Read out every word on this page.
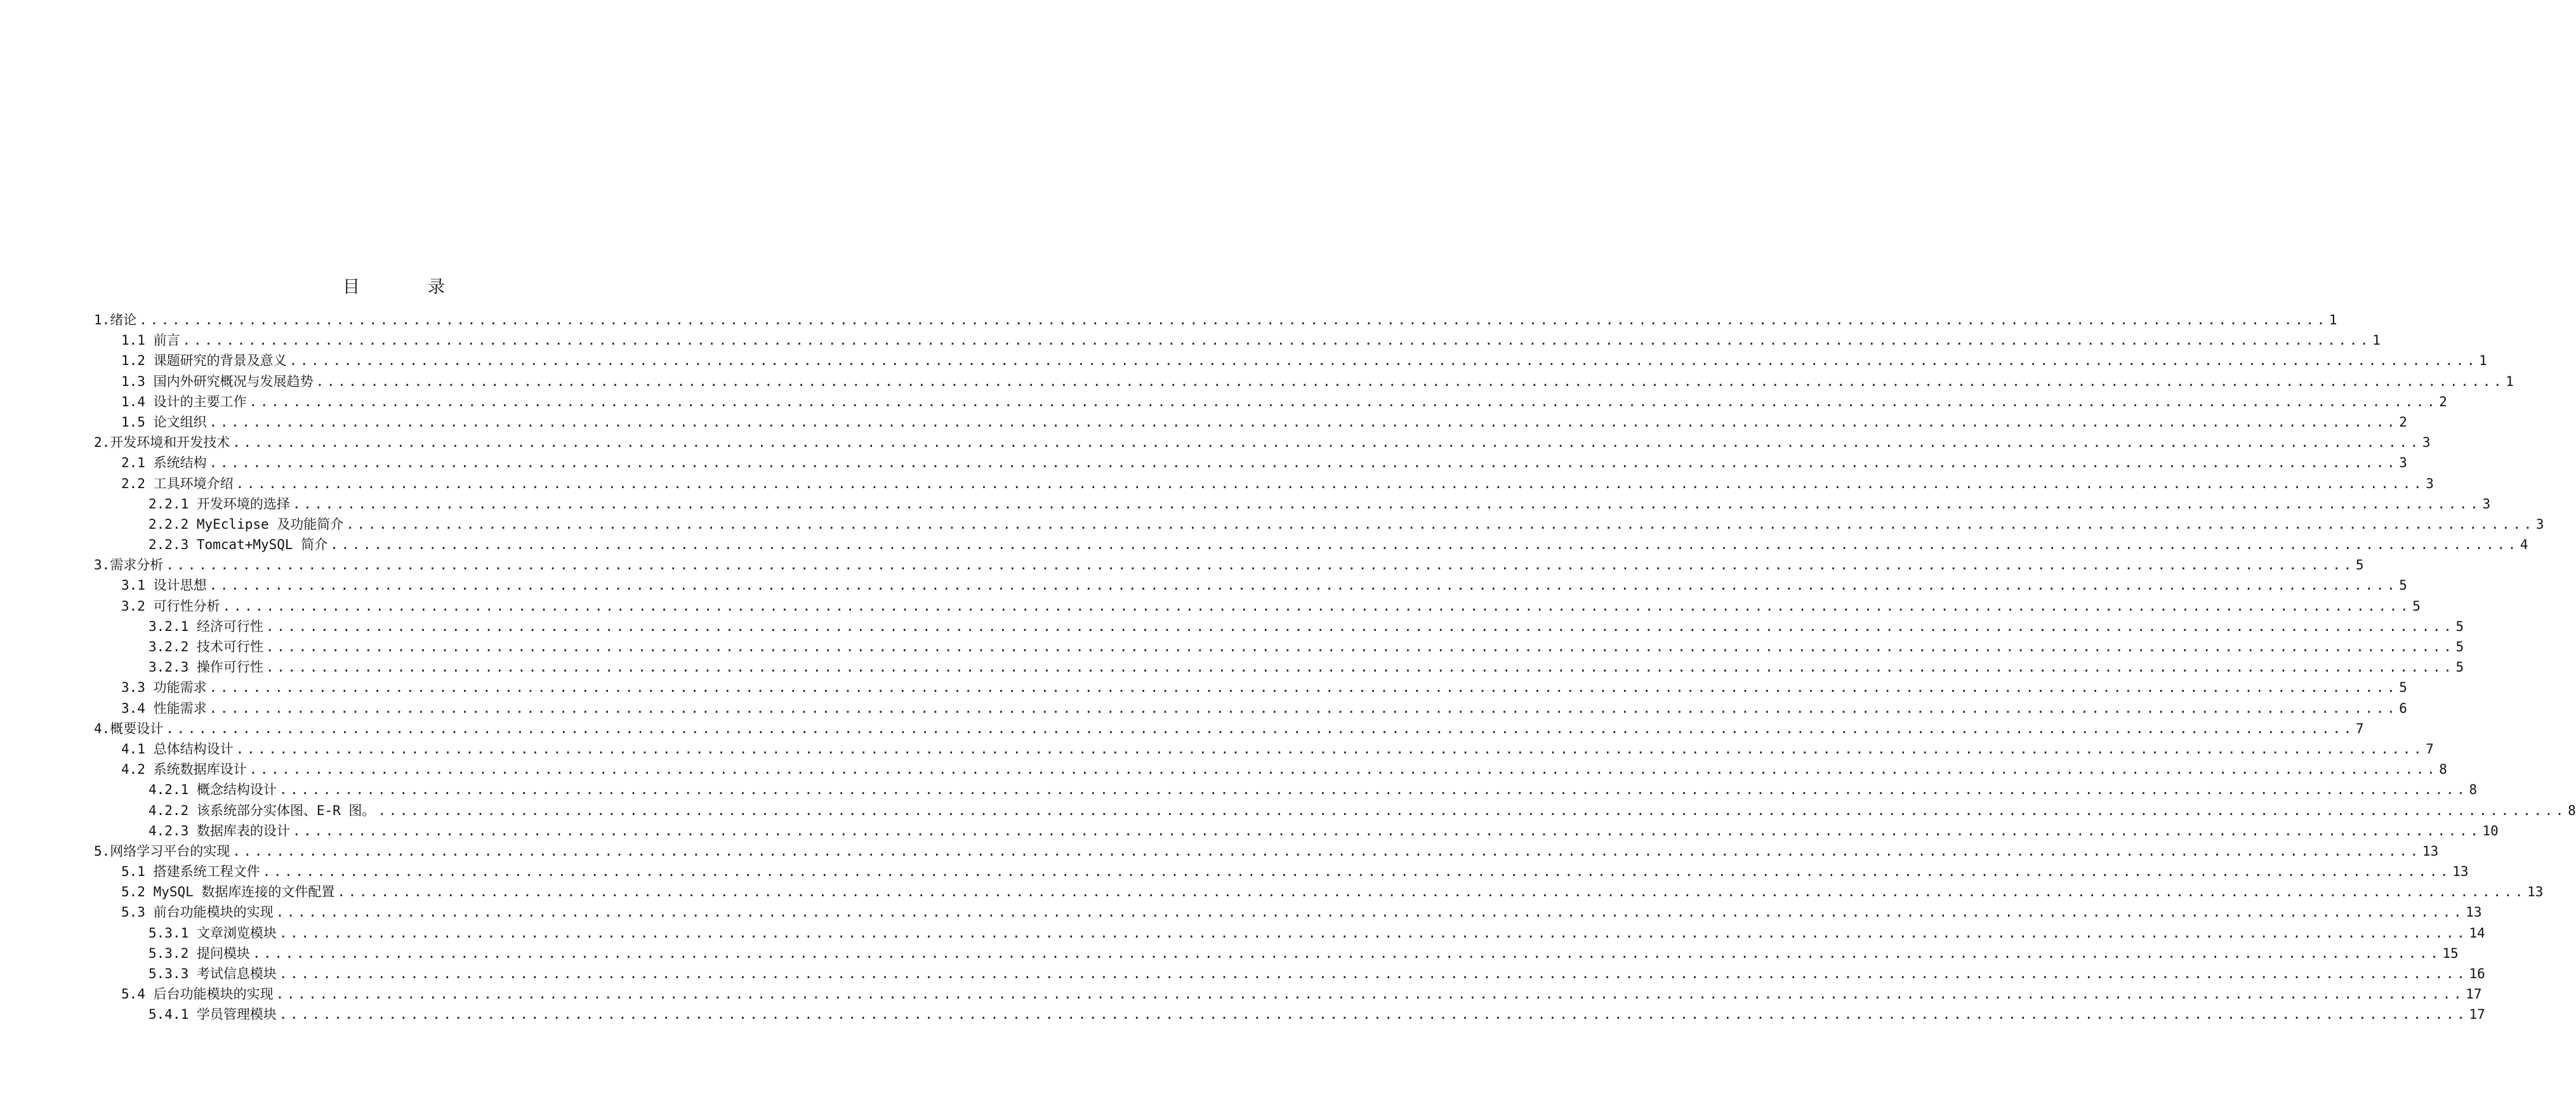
目　录
1.绪论 ........................................................................................................................................................................................................ 1
1.1 前言 ........................................................................................................................................................................................................ 1
1.2 课题研究的背景及意义 ........................................................................................................................................................................................................ 1
1.3 国内外研究概况与发展趋势 ........................................................................................................................................................................................................ 1
1.4 设计的主要工作 ........................................................................................................................................................................................................ 2
1.5 论文组织 ........................................................................................................................................................................................................ 2
2.开发环境和开发技术 ........................................................................................................................................................................................................ 3
2.1 系统结构 ........................................................................................................................................................................................................ 3
2.2 工具环境介绍 ........................................................................................................................................................................................................ 3
2.2.1 开发环境的选择 ........................................................................................................................................................................................................ 3
2.2.2 MyEclipse 及功能简介 ........................................................................................................................................................................................................ 3
2.2.3 Tomcat+MySQL 简介 ........................................................................................................................................................................................................ 4
3.需求分析 ........................................................................................................................................................................................................ 5
3.1 设计思想 ........................................................................................................................................................................................................ 5
3.2 可行性分析 ........................................................................................................................................................................................................ 5
3.2.1 经济可行性 ........................................................................................................................................................................................................ 5
3.2.2 技术可行性 ........................................................................................................................................................................................................ 5
3.2.3 操作可行性 ........................................................................................................................................................................................................ 5
3.3 功能需求 ........................................................................................................................................................................................................ 5
3.4 性能需求 ........................................................................................................................................................................................................ 6
4.概要设计 ........................................................................................................................................................................................................ 7
4.1 总体结构设计 ........................................................................................................................................................................................................ 7
4.2 系统数据库设计 ........................................................................................................................................................................................................ 8
4.2.1 概念结构设计 ........................................................................................................................................................................................................ 8
4.2.2 该系统部分实体图、E-R 图。 ........................................................................................................................................................................................................ 8
4.2.3 数据库表的设计 ........................................................................................................................................................................................................ 10
5.网络学习平台的实现 ........................................................................................................................................................................................................ 13
5.1 搭建系统工程文件 ........................................................................................................................................................................................................ 13
5.2 MySQL 数据库连接的文件配置 ........................................................................................................................................................................................................ 13
5.3 前台功能模块的实现 ........................................................................................................................................................................................................ 13
5.3.1 文章浏览模块 ........................................................................................................................................................................................................ 14
5.3.2 提问模块 ........................................................................................................................................................................................................ 15
5.3.3 考试信息模块 ........................................................................................................................................................................................................ 16
5.4 后台功能模块的实现 ........................................................................................................................................................................................................ 17
5.4.1 学员管理模块 ........................................................................................................................................................................................................ 17
